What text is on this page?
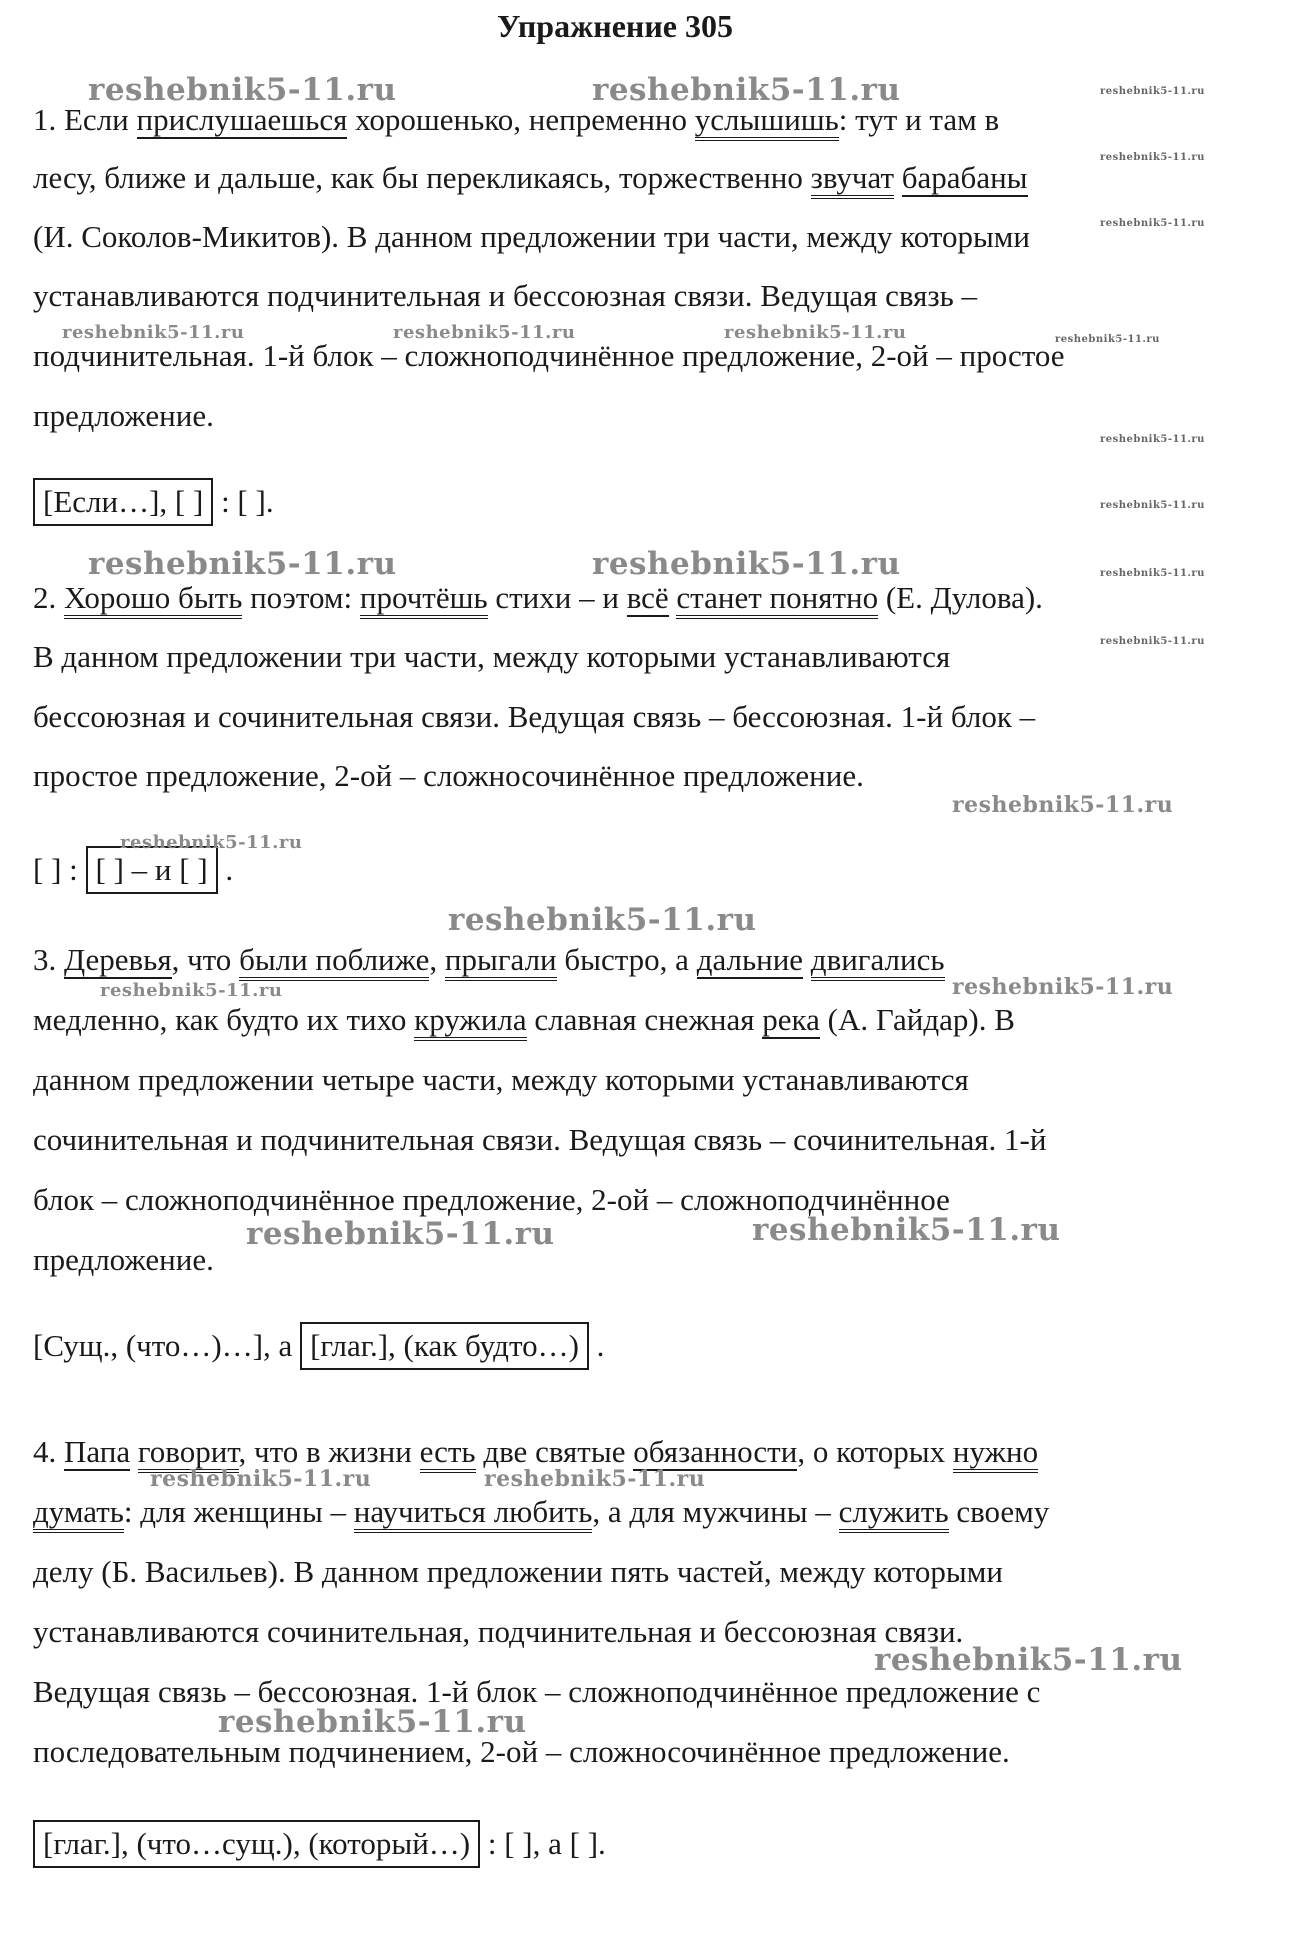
Упражнение 305
1. Если прислушаешься хорошенько, непременно услышишь: тут и там в
лесу, ближе и дальше, как бы перекликаясь, торжественно звучат барабаны
(И. Соколов-Микитов). В данном предложении три части, между которыми
устанавливаются подчинительная и бессоюзная связи. Ведущая связь –
подчинительная. 1-й блок – сложноподчинённое предложение, 2-ой – простое
предложение.
[Если…], [ ] : [ ].
2. Хорошо быть поэтом: прочтёшь стихи – и всё станет понятно (Е. Дулова).
В данном предложении три части, между которыми устанавливаются
бессоюзная и сочинительная связи. Ведущая связь – бессоюзная. 1-й блок –
простое предложение, 2-ой – сложносочинённое предложение.
[ ] : [ ] – и [ ] .
3. Деревья, что были поближе, прыгали быстро, а дальние двигались
медленно, как будто их тихо кружила славная снежная река (А. Гайдар). В
данном предложении четыре части, между которыми устанавливаются
сочинительная и подчинительная связи. Ведущая связь – сочинительная. 1-й
блок – сложноподчинённое предложение, 2-ой – сложноподчинённое
предложение.
[Сущ., (что…)…], а [глаг.], (как будто…) .
4. Папа говорит, что в жизни есть две святые обязанности, о которых нужно
думать: для женщины – научиться любить, а для мужчины – служить своему
делу (Б. Васильев). В данном предложении пять частей, между которыми
устанавливаются сочинительная, подчинительная и бессоюзная связи.
Ведущая связь – бессоюзная. 1-й блок – сложноподчинённое предложение с
последовательным подчинением, 2-ой – сложносочинённое предложение.
[глаг.], (что…сущ.), (который…) : [ ], а [ ].
reshebnik5-11.ru	reshebnik5-11.ru	reshebnik5-11.ru
reshebnik5-11.ru
reshebnik5-11.ru
reshebnik5-11.ru	reshebnik5-11.ru	reshebnik5-11.ru	reshebnik5-11.ru
reshebnik5-11.ru
reshebnik5-11.ru
reshebnik5-11.ru	reshebnik5-11.ru	reshebnik5-11.ru
reshebnik5-11.ru
reshebnik5-11.ru
reshebnik5-11.ru
reshebnik5-11.ru
reshebnik5-11.ru	reshebnik5-11.ru
reshebnik5-11.ru	reshebnik5-11.ru
reshebnik5-11.ru	reshebnik5-11.ru
reshebnik5-11.ru
reshebnik5-11.ru
